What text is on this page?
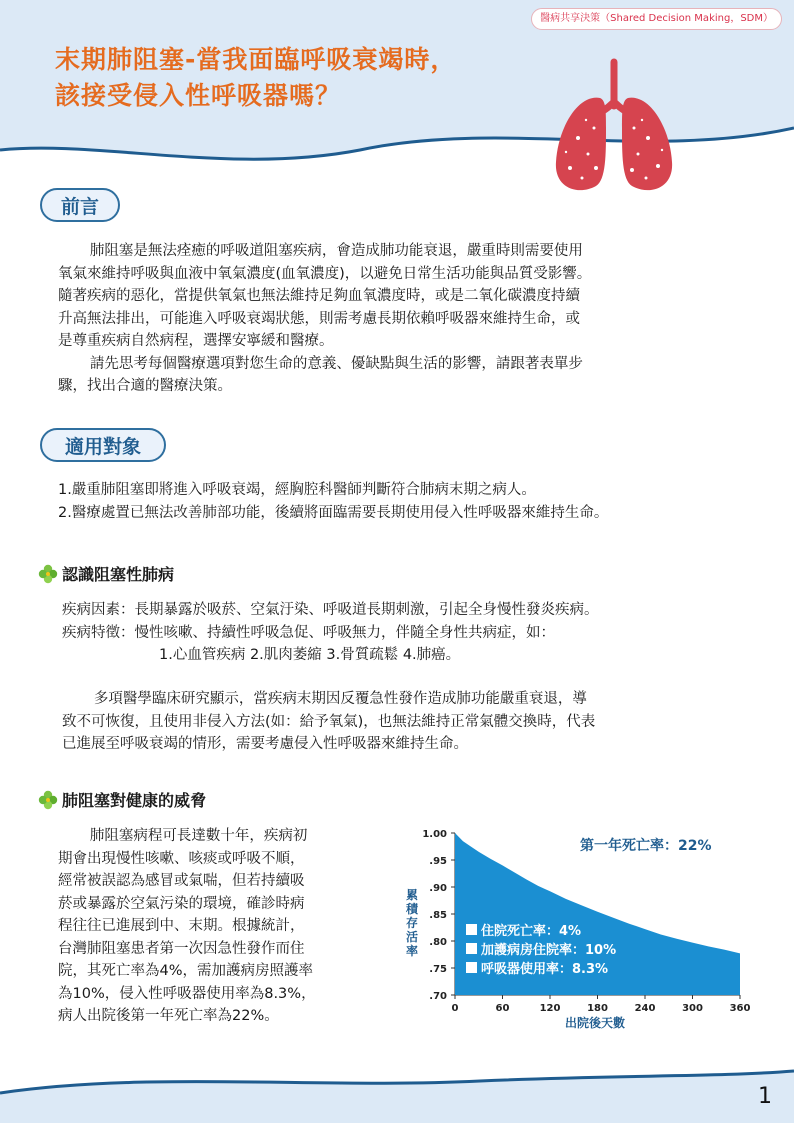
醫病共享決策（Shared Decision Making，SDM）
末期肺阻塞-當我面臨呼吸衰竭時，
該接受侵入性呼吸器嗎？
前言
肺阻塞是無法痊癒的呼吸道阻塞疾病，會造成肺功能衰退，嚴重時則需要使用
氧氣來維持呼吸與血液中氧氣濃度(血氧濃度)，以避免日常生活功能與品質受影響。
隨著疾病的惡化，當提供氧氣也無法維持足夠血氧濃度時，或是二氧化碳濃度持續
升高無法排出，可能進入呼吸衰竭狀態，則需考慮長期依賴呼吸器來維持生命，或
是尊重疾病自然病程，選擇安寧緩和醫療。
請先思考每個醫療選項對您生命的意義、優缺點與生活的影響，請跟著表單步
驟，找出合適的醫療決策。
適用對象
1.嚴重肺阻塞即將進入呼吸衰竭，經胸腔科醫師判斷符合肺病末期之病人。
2.醫療處置已無法改善肺部功能，後續將面臨需要長期使用侵入性呼吸器來維持生命。
認識阻塞性肺病
疾病因素：長期暴露於吸菸、空氣汙染、呼吸道長期刺激，引起全身慢性發炎疾病。
疾病特徵：慢性咳嗽、持續性呼吸急促、呼吸無力，伴隨全身性共病症，如：
1.心血管疾病 2.肌肉萎縮 3.骨質疏鬆 4.肺癌。
多項醫學臨床研究顯示，當疾病末期因反覆急性發作造成肺功能嚴重衰退，導
致不可恢復，且使用非侵入方法(如：給予氧氣)，也無法維持正常氣體交換時，代表
已進展至呼吸衰竭的情形，需要考慮侵入性呼吸器來維持生命。
肺阻塞對健康的威脅
肺阻塞病程可長達數十年，疾病初
期會出現慢性咳嗽、咳痰或呼吸不順，
經常被誤認為感冒或氣喘，但若持續吸
菸或暴露於空氣污染的環境，確診時病
程往往已進展到中、末期。根據統計，
台灣肺阻塞患者第一次因急性發作而住
院，其死亡率為4%，需加護病房照護率
為10%，侵入性呼吸器使用率為8.3%，
病人出院後第一年死亡率為22%。
1.00
.95
.90
.85
.80
.75
.70
0	60	120	180	240	300	360
第一年死亡率：22%
住院死亡率：4%
加護病房住院率：10%
呼吸器使用率：8.3%
出院後天數
累
積
存
活
率
1
